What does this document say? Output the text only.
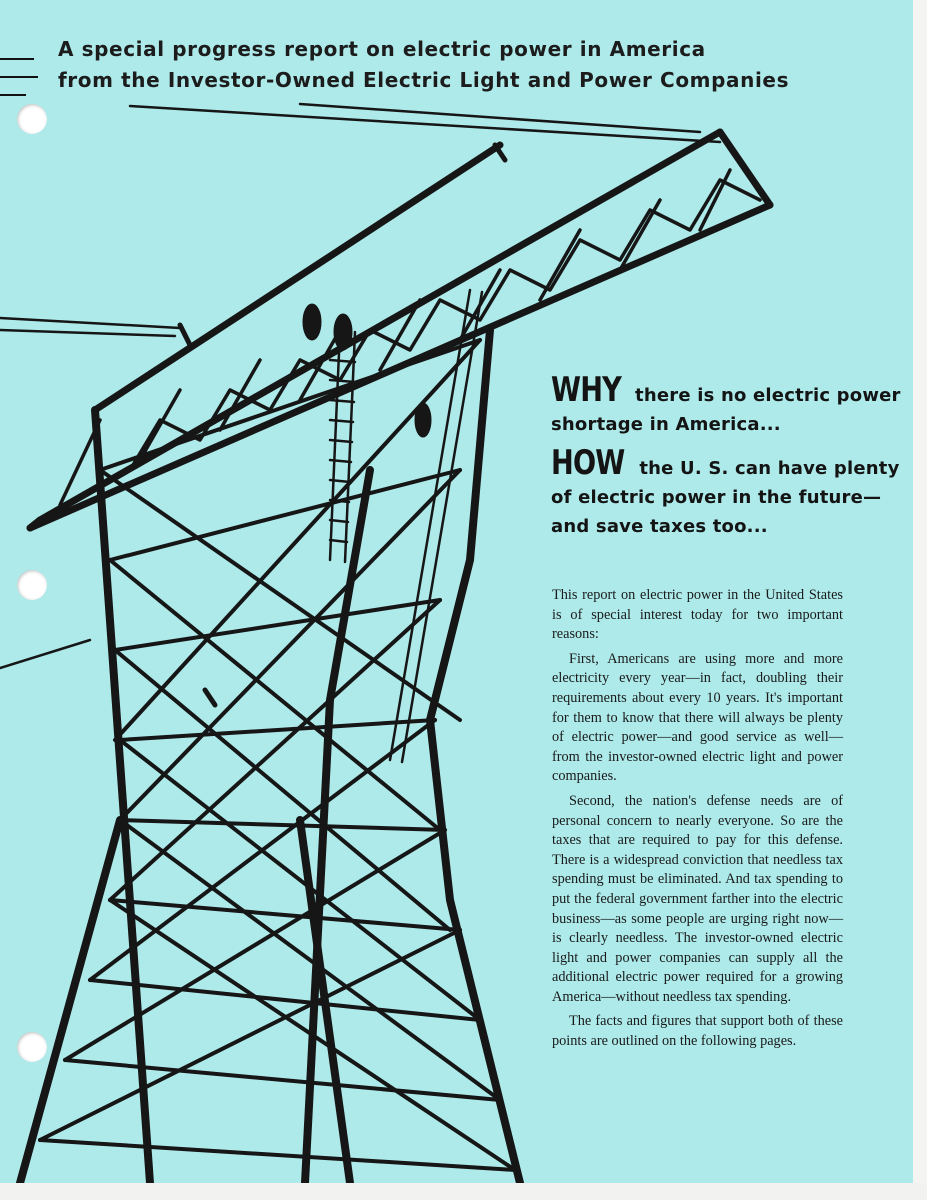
A special progress report on electric power in America
from the Investor-Owned Electric Light and Power Companies
WHY there is no electric power
shortage in America...
HOW the U. S. can have plenty
of electric power in the future—
and save taxes too...

This report on electric power in the United States is of special interest today for two important reasons:

First, Americans are using more and more electricity every year—in fact, doubling their requirements about every 10 years. It's important for them to know that there will always be plenty of electric power—and good service as well—from the investor-owned electric light and power companies.

Second, the nation's defense needs are of personal concern to nearly everyone. So are the taxes that are required to pay for this defense. There is a widespread conviction that needless tax spending must be eliminated. And tax spending to put the federal government farther into the electric business—as some people are urging right now—is clearly needless. The investor-owned electric light and power companies can supply all the additional electric power required for a growing America—without needless tax spending.

The facts and figures that support both of these points are outlined on the following pages.
